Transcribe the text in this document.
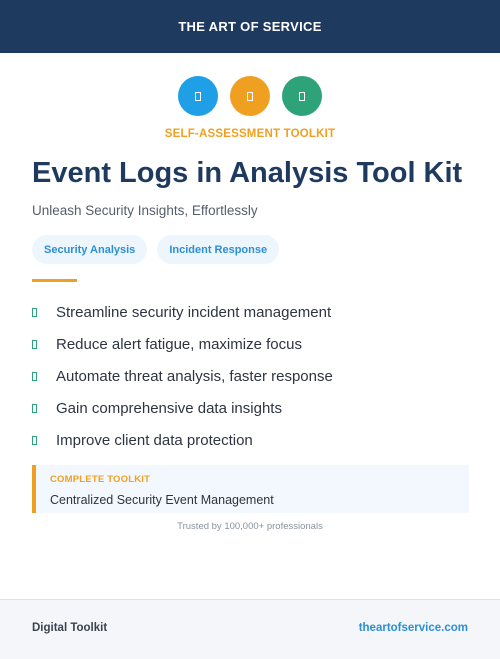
THE ART OF SERVICE
SELF-ASSESSMENT TOOLKIT
Event Logs in Analysis Tool Kit
Unleash Security Insights, Effortlessly
Security Analysis	Incident Response
Streamline security incident management
Reduce alert fatigue, maximize focus
Automate threat analysis, faster response
Gain comprehensive data insights
Improve client data protection
COMPLETE TOOLKIT
Centralized Security Event Management
Trusted by 100,000+ professionals
Digital Toolkit	theartofservice.com
